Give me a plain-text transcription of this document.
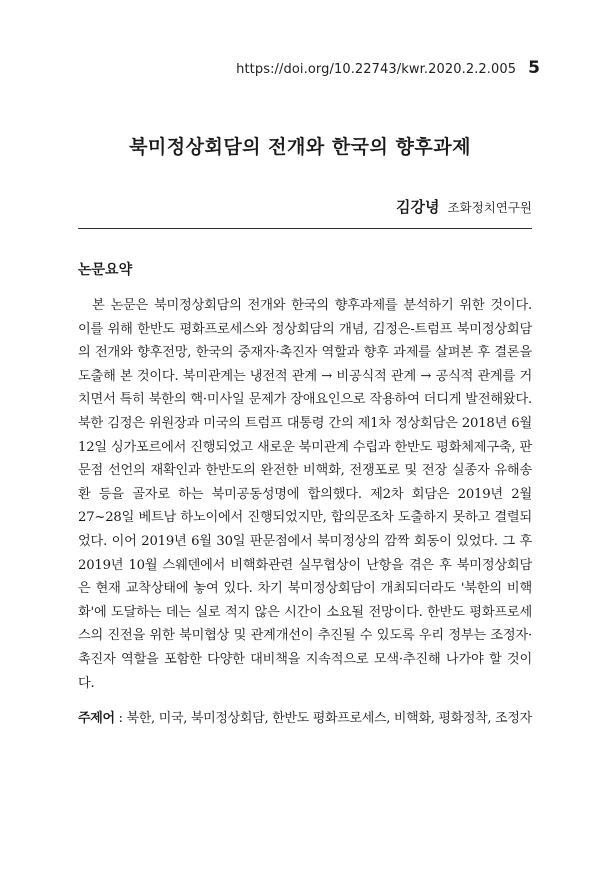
https://doi.org/10.22743/kwr.2020.2.2.005 5
북미정상회담의 전개와 한국의 향후과제
김강녕 조화정치연구원
논문요약
본 논문은 북미정상회담의 전개와 한국의 향후과제를 분석하기 위한 것이다. 이를 위해 한반도 평화프로세스와 정상회담의 개념, 김정은-트럼프 북미정상회담의 전개와 향후전망, 한국의 중재자·촉진자 역할과 향후 과제를 살펴본 후 결론을 도출해 본 것이다. 북미관계는 냉전적 관계 → 비공식적 관계 → 공식적 관계를 거치면서 특히 북한의 핵·미사일 문제가 장애요인으로 작용하여 더디게 발전해왔다. 북한 김정은 위원장과 미국의 트럼프 대통령 간의 제1차 정상회담은 2018년 6월 12일 싱가포르에서 진행되었고 새로운 북미관계 수립과 한반도 평화체제구축, 판문점 선언의 재확인과 한반도의 완전한 비핵화, 전쟁포로 및 전장 실종자 유해송환 등을 골자로 하는 북미공동성명에 합의했다. 제2차 회담은 2019년 2월 27~28일 베트남 하노이에서 진행되었지만, 합의문조차 도출하지 못하고 결렬되었다. 이어 2019년 6월 30일 판문점에서 북미정상의 깜짝 회동이 있었다. 그 후 2019년 10월 스웨덴에서 비핵화관련 실무협상이 난항을 겪은 후 북미정상회담은 현재 교착상태에 놓여 있다. 차기 북미정상회담이 개최되더라도 '북한의 비핵화'에 도달하는 데는 실로 적지 않은 시간이 소요될 전망이다. 한반도 평화프로세스의 진전을 위한 북미협상 및 관계개선이 추진될 수 있도록 우리 정부는 조정자·촉진자 역할을 포함한 다양한 대비책을 지속적으로 모색·추진해 나가야 할 것이다.
주제어 : 북한, 미국, 북미정상회담, 한반도 평화프로세스, 비핵화, 평화정착, 조정자
